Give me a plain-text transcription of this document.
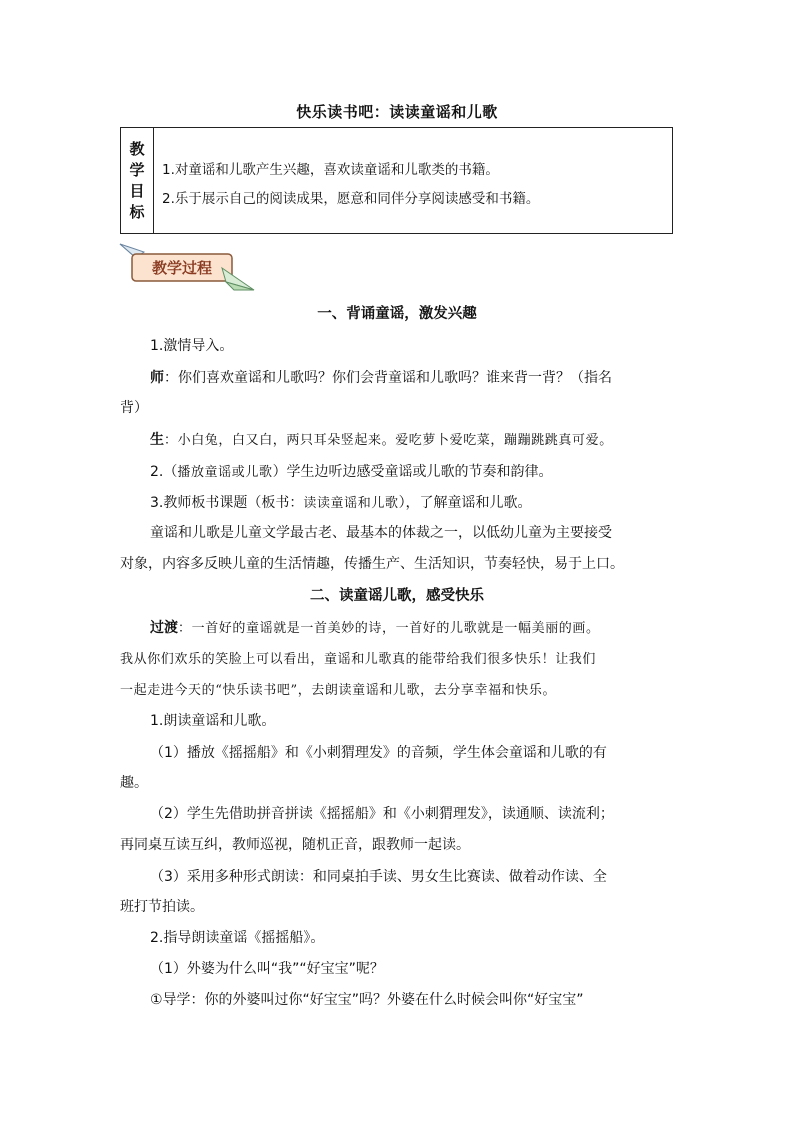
快乐读书吧：读读童谣和儿歌
教
学
目
标
1.对童谣和儿歌产生兴趣，喜欢读童谣和儿歌类的书籍。
2.乐于展示自己的阅读成果，愿意和同伴分享阅读感受和书籍。
教学过程
一、背诵童谣，激发兴趣
1.激情导入。
师：你们喜欢童谣和儿歌吗？你们会背童谣和儿歌吗？谁来背一背？（指名
背）
生：小白兔，白又白，两只耳朵竖起来。爱吃萝卜爱吃菜，蹦蹦跳跳真可爱。
2.（播放童谣或儿歌）学生边听边感受童谣或儿歌的节奏和韵律。
3.教师板书课题（板书：读读童谣和儿歌），了解童谣和儿歌。
童谣和儿歌是儿童文学最古老、最基本的体裁之一，以低幼儿童为主要接受
对象，内容多反映儿童的生活情趣，传播生产、生活知识，节奏轻快，易于上口。
二、读童谣儿歌，感受快乐
过渡：一首好的童谣就是一首美妙的诗，一首好的儿歌就是一幅美丽的画。
我从你们欢乐的笑脸上可以看出，童谣和儿歌真的能带给我们很多快乐！让我们
一起走进今天的“快乐读书吧”，去朗读童谣和儿歌，去分享幸福和快乐。
1.朗读童谣和儿歌。
（1）播放《摇摇船》和《小刺猬理发》的音频，学生体会童谣和儿歌的有
趣。
（2）学生先借助拼音拼读《摇摇船》和《小刺猬理发》，读通顺、读流利；
再同桌互读互纠，教师巡视，随机正音，跟教师一起读。
（3）采用多种形式朗读：和同桌拍手读、男女生比赛读、做着动作读、全
班打节拍读。
2.指导朗读童谣《摇摇船》。
（1）外婆为什么叫“我”“好宝宝”呢？
①导学：你的外婆叫过你“好宝宝”吗？外婆在什么时候会叫你“好宝宝”
